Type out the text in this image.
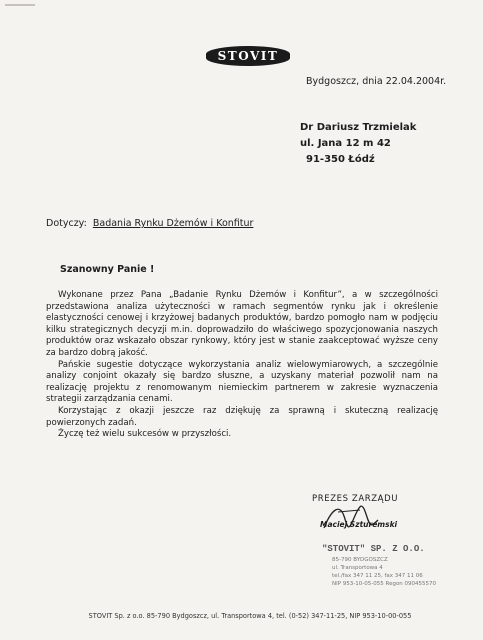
STOVIT
Bydgoszcz, dnia 22.04.2004r.
Dr Dariusz Trzmielak
ul. Jana 12 m 42
91-350 Łódź
Dotyczy: Badania Rynku Dżemów i Konfitur
Szanowny Panie !

Wykonane przez Pana „Badanie Rynku Dżemów i Konfitur”, a w szczególności przedstawiona analiza użyteczności w ramach segmentów rynku jak i określenie elastyczności cenowej i krzyżowej badanych produktów, bardzo pomogło nam w podjęciu kilku strategicznych decyzji m.in. doprowadziło do właściwego spozycjonowania naszych produktów oraz wskazało obszar rynkowy, który jest w stanie zaakceptować wyższe ceny za bardzo dobrą jakość.

Pańskie sugestie dotyczące wykorzystania analiz wielowymiarowych, a szczególnie analizy conjoint okazały się bardzo słuszne, a uzyskany materiał pozwolił nam na realizację projektu z renomowanym niemieckim partnerem w zakresie wyznaczenia strategii zarządzania cenami.

Korzystając z okazji jeszcze raz dziękuję za sprawną i skuteczną realizację powierzonych zadań.

Życzę też wielu sukcesów w przyszłości.

PREZES ZARZĄDU
Maciej Szturemski
"STOVIT" SP. Z O.O.
85-790 BYDGOSZCZ
ul. Transportowa 4
tel./fax 347 11 25, fax 347 11 06
NIP 953-10-05-055 Regon 090455570
STOVIT Sp. z o.o. 85-790 Bydgoszcz, ul. Transportowa 4, tel. (0-52) 347-11-25, NIP 953-10-00-055
